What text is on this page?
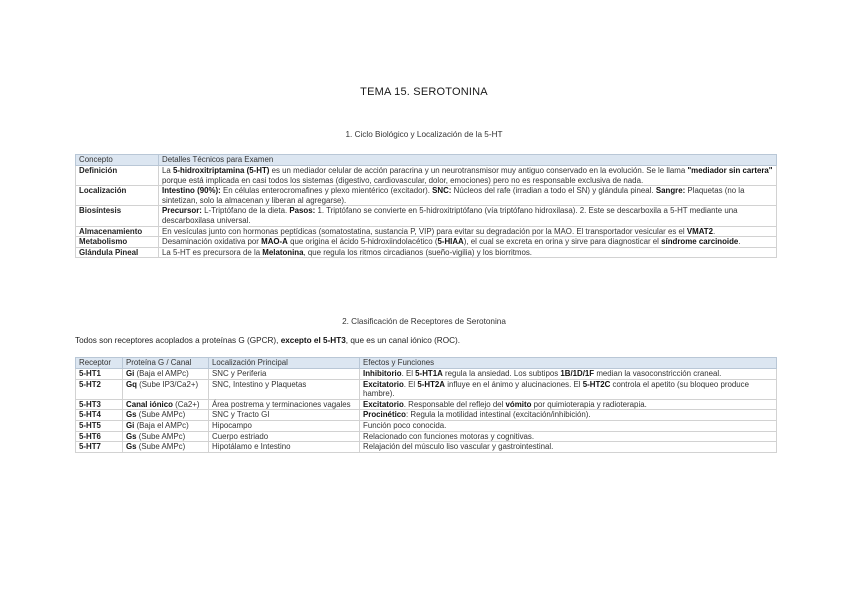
TEMA 15. SEROTONINA
1. Ciclo Biológico y Localización de la 5-HT
Concepto	Detalles Técnicos para Examen
Definición	La 5-hidroxitriptamina (5-HT) es un mediador celular de acción paracrina y un neurotransmisor muy antiguo conservado en la evolución. Se le llama "mediador sin cartera" porque está implicada en casi todos los sistemas (digestivo, cardiovascular, dolor, emociones) pero no es responsable exclusiva de nada.
Localización	Intestino (90%): En células enterocromafines y plexo mientérico (excitador). SNC: Núcleos del rafe (irradian a todo el SN) y glándula pineal. Sangre: Plaquetas (no la sintetizan, solo la almacenan y liberan al agregarse).
Biosíntesis	Precursor: L-Triptófano de la dieta. Pasos: 1. Triptófano se convierte en 5-hidroxitriptófano (vía triptófano hidroxilasa). 2. Este se descarboxila a 5-HT mediante una descarboxilasa universal.
Almacenamiento	En vesículas junto con hormonas peptídicas (somatostatina, sustancia P, VIP) para evitar su degradación por la MAO. El transportador vesicular es el VMAT2.
Metabolismo	Desaminación oxidativa por MAO-A que origina el ácido 5-hidroxiindolacético (5-HIAA), el cual se excreta en orina y sirve para diagnosticar el síndrome carcinoide.
Glándula Pineal	La 5-HT es precursora de la Melatonina, que regula los ritmos circadianos (sueño-vigilia) y los biorritmos.
2. Clasificación de Receptores de Serotonina
Todos son receptores acoplados a proteínas G (GPCR), excepto el 5-HT3, que es un canal iónico (ROC).
Receptor	Proteína G / Canal	Localización Principal	Efectos y Funciones
5-HT1	Gi (Baja el AMPc)	SNC y Periferia	Inhibitorio. El 5-HT1A regula la ansiedad. Los subtipos 1B/1D/1F median la vasoconstricción craneal.
5-HT2	Gq (Sube IP3/Ca2+)	SNC, Intestino y Plaquetas	Excitatorio. El 5-HT2A influye en el ánimo y alucinaciones. El 5-HT2C controla el apetito (su bloqueo produce hambre).
5-HT3	Canal iónico (Ca2+)	Área postrema y terminaciones vagales	Excitatorio. Responsable del reflejo del vómito por quimioterapia y radioterapia.
5-HT4	Gs (Sube AMPc)	SNC y Tracto GI	Procinético: Regula la motilidad intestinal (excitación/inhibición).
5-HT5	Gi (Baja el AMPc)	Hipocampo	Función poco conocida.
5-HT6	Gs (Sube AMPc)	Cuerpo estriado	Relacionado con funciones motoras y cognitivas.
5-HT7	Gs (Sube AMPc)	Hipotálamo e Intestino	Relajación del músculo liso vascular y gastrointestinal.
